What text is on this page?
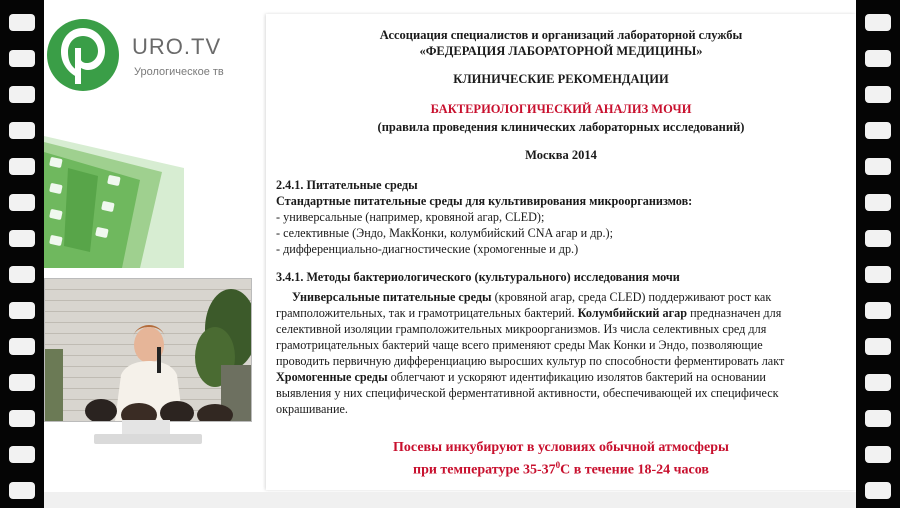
URO.TV
Урологическое тв
Ассоциация специалистов и организаций лабораторной службы
«ФЕДЕРАЦИЯ ЛАБОРАТОРНОЙ МЕДИЦИНЫ»
КЛИНИЧЕСКИЕ РЕКОМЕНДАЦИИ
БАКТЕРИОЛОГИЧЕСКИЙ АНАЛИЗ МОЧИ
(правила проведения клинических лабораторных исследований)
Москва 2014
2.4.1. Питательные среды
Стандартные питательные среды для культивирования микроорганизмов:
- универсальные (например, кровяной агар, CLED);
- селективные (Эндо, МакКонки, колумбийский CNA агар и др.);
- дифференциально-диагностические (хромогенные и др.)
3.4.1. Методы бактериологического (культурального) исследования мочи
Универсальные питательные среды (кровяной агар, среда CLED) поддерживают рост как
грамположительных, так и грамотрицательных бактерий. Колумбийский агар предназначен для
селективной изоляции грамположительных микроорганизмов. Из числа селективных сред для
грамотрицательных бактерий чаще всего применяют среды Мак Конки и Эндо, позволяющие
проводить первичную дифференциацию выросших культур по способности ферментировать лакт
Хромогенные среды облегчают и ускоряют идентификацию изолятов бактерий на основании
выявления у них специфической ферментативной активности, обеспечивающей их специфическ
окрашивание.
Посевы инкубируют в условиях обычной атмосферы
при температуре $35-37^0С$ в течение 18-24 часов
